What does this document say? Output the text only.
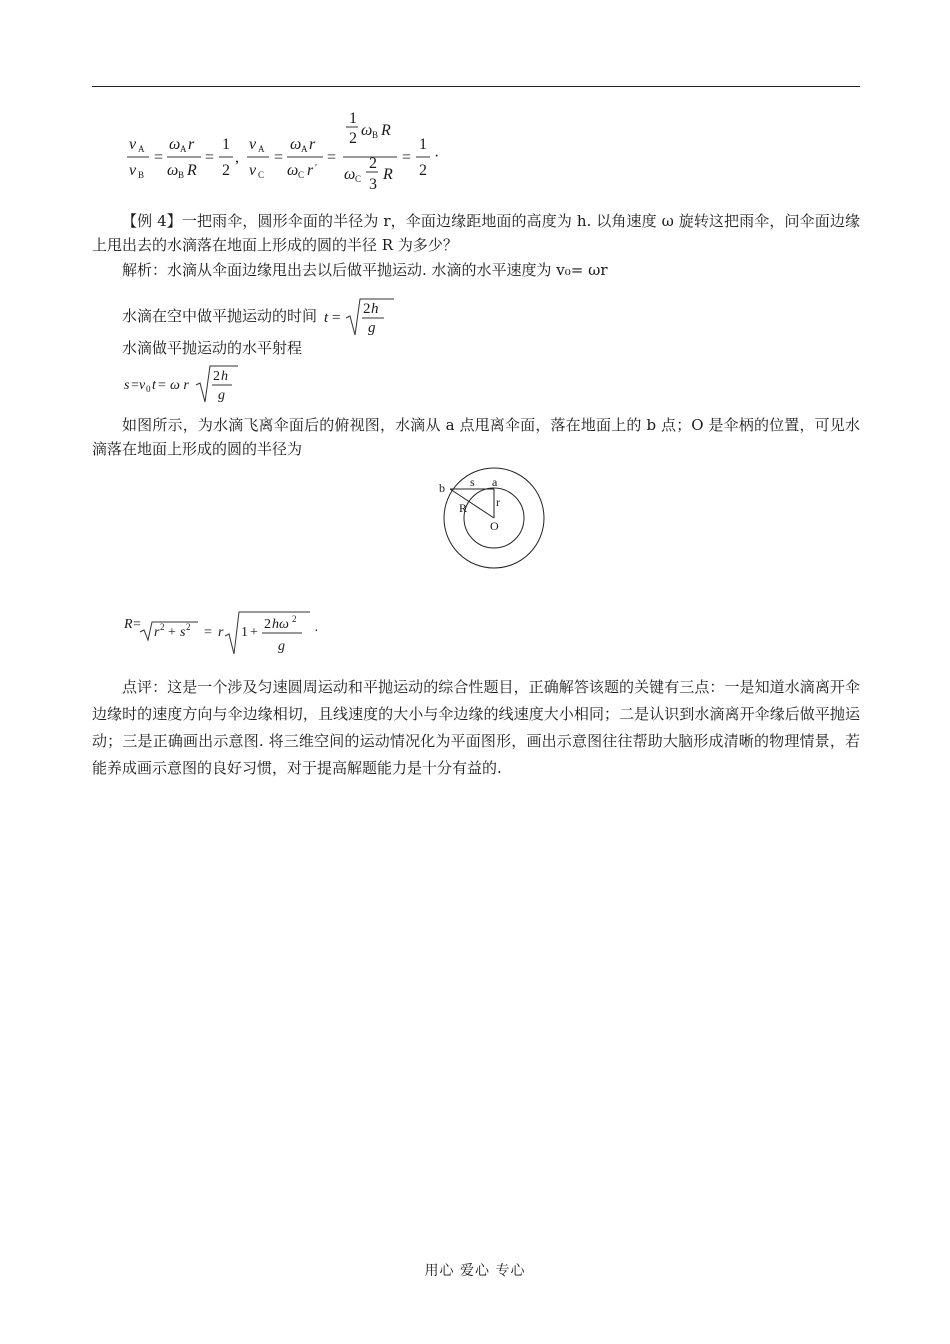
v A
v B
=
ω A r
ω B R
=
1
2
,
v A
v C
=
ω A r
ω C r ′
=
1
2 ω B R
ω C
2
3
R
=
1
2
·

【例 4】一把雨伞，圆形伞面的半径为 r，伞面边缘距地面的高度为 h. 以角速度 ω 旋转这把雨伞，问伞面边缘上甩出去的水滴落在地面上形成的圆的半径 R 为多少？

解析：水滴从伞面边缘甩出去以后做平抛运动. 水滴的水平速度为 v₀= ωr
水滴在空中做平抛运动的时间 t =
2 h
g
水滴做平抛运动的水平射程
s = v 0 t = ω r
2 h
g

如图所示，为水滴飞离伞面后的俯视图，水滴从 a 点甩离伞面，落在地面上的 b 点；O 是伞柄的位置，可见水滴落在地面上形成的圆的半径为

b s a
r
R
O
R =
r 2 + s 2 = r 1 +
2 hω 2
g
·

点评：这是一个涉及匀速圆周运动和平抛运动的综合性题目，正确解答该题的关键有三点：一是知道水滴离开伞边缘时的速度方向与伞边缘相切，且线速度的大小与伞边缘的线速度大小相同；二是认识到水滴离开伞缘后做平抛运动；三是正确画出示意图. 将三维空间的运动情况化为平面图形，画出示意图往往帮助大脑形成清晰的物理情景，若能养成画示意图的良好习惯，对于提高解题能力是十分有益的.

用心 爱心 专心
